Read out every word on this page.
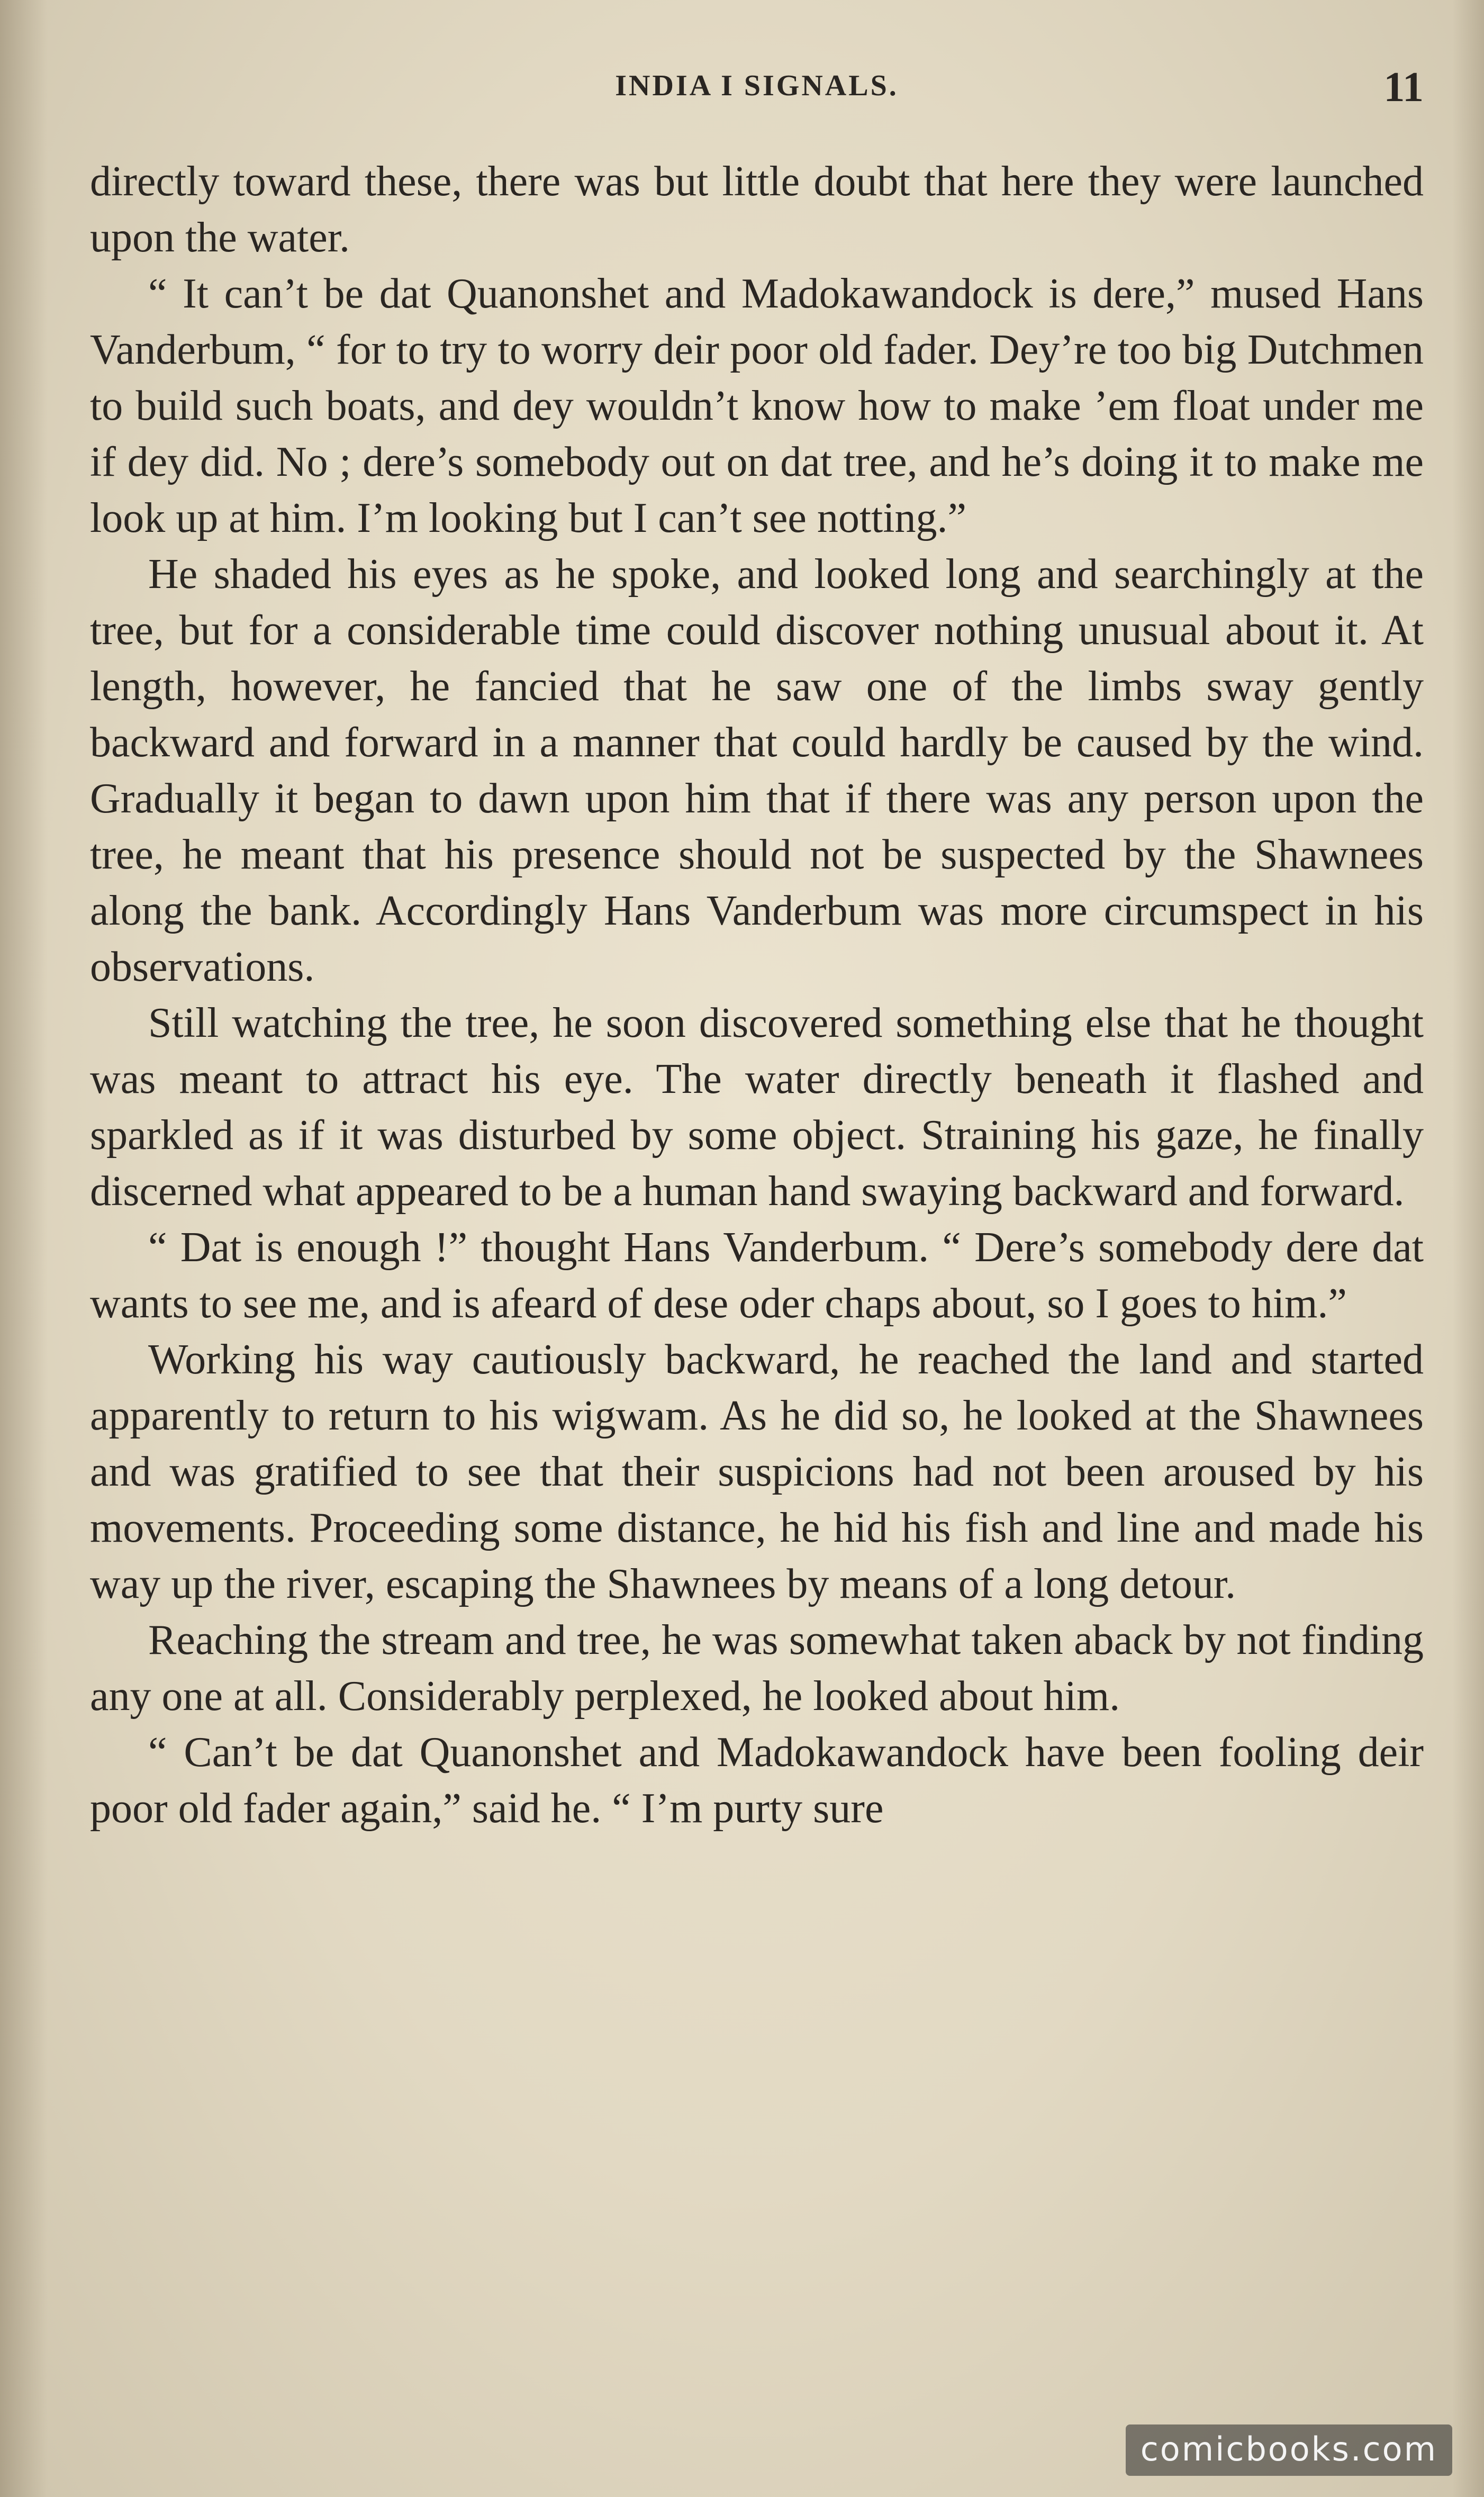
INDIA I SIGNALS.	11

directly toward these, there was but little doubt that here they were launched upon the water.

“ It can’t be dat Quanonshet and Madokawandock is dere,” mused Hans Vanderbum, “ for to try to worry deir poor old fader. Dey’re too big Dutchmen to build such boats, and dey wouldn’t know how to make ’em float under me if dey did. No ; dere’s somebody out on dat tree, and he’s doing it to make me look up at him. I’m looking but I can’t see notting.”

He shaded his eyes as he spoke, and looked long and searchingly at the tree, but for a considerable time could discover nothing unusual about it. At length, however, he fancied that he saw one of the limbs sway gently backward and forward in a manner that could hardly be caused by the wind. Gradually it began to dawn upon him that if there was any person upon the tree, he meant that his presence should not be suspected by the Shawnees along the bank. Accordingly Hans Vanderbum was more circumspect in his observations.

Still watching the tree, he soon discovered something else that he thought was meant to attract his eye. The water directly beneath it flashed and sparkled as if it was disturbed by some object. Straining his gaze, he finally discerned what appeared to be a human hand swaying backward and forward.

“ Dat is enough !” thought Hans Vanderbum. “ Dere’s somebody dere dat wants to see me, and is afeard of dese oder chaps about, so I goes to him.”

Working his way cautiously backward, he reached the land and started apparently to return to his wigwam. As he did so, he looked at the Shawnees and was gratified to see that their suspicions had not been aroused by his movements. Proceeding some distance, he hid his fish and line and made his way up the river, escaping the Shawnees by means of a long detour.

Reaching the stream and tree, he was somewhat taken aback by not finding any one at all. Considerably perplexed, he looked about him.

“ Can’t be dat Quanonshet and Madokawandock have been fooling deir poor old fader again,” said he. “ I’m purty sure

comicbooks.com
